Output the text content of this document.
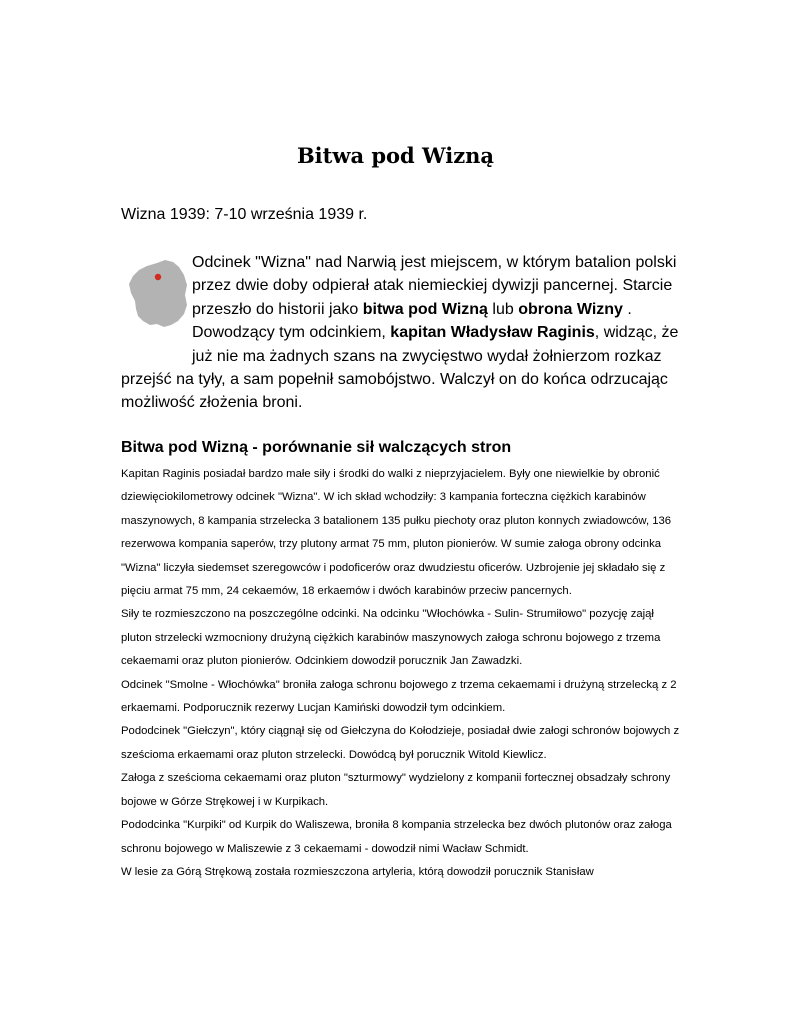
Bitwa pod Wizną
Wizna 1939: 7-10 września 1939 r.

Odcinek "Wizna" nad Narwią jest miejscem, w którym batalion polski przez dwie doby odpierał atak niemieckiej dywizji pancernej. Starcie przeszło do historii jako bitwa pod Wizną lub obrona Wizny . Dowodzący tym odcinkiem, kapitan Władysław Raginis, widząc, że już nie ma żadnych szans na zwycięstwo wydał żołnierzom rozkaz przejść na tyły, a sam popełnił samobójstwo. Walczył on do końca odrzucając możliwość złożenia broni.

Bitwa pod Wizną - porównanie sił walczących stron

Kapitan Raginis posiadał bardzo małe siły i środki do walki z nieprzyjacielem. Były one niewielkie by obronić dziewięciokilometrowy odcinek "Wizna". W ich skład wchodziły: 3 kampania forteczna ciężkich karabinów maszynowych, 8 kampania strzelecka 3 batalionem 135 pułku piechoty oraz pluton konnych zwiadowców, 136 rezerwowa kompania saperów, trzy plutony armat 75 mm, pluton pionierów. W sumie załoga obrony odcinka "Wizna" liczyła siedemset szeregowców i podoficerów oraz dwudziestu oficerów. Uzbrojenie jej składało się z pięciu armat 75 mm, 24 cekaemów, 18 erkaemów i dwóch karabinów przeciw pancernych.

Siły te rozmieszczono na poszczególne odcinki. Na odcinku "Włochówka - Sulin- Strumiłowo" pozycję zajął pluton strzelecki wzmocniony drużyną ciężkich karabinów maszynowych załoga schronu bojowego z trzema cekaemami oraz pluton pionierów. Odcinkiem dowodził porucznik Jan Zawadzki.

Odcinek "Smolne - Włochówka" broniła załoga schronu bojowego z trzema cekaemami i drużyną strzelecką z 2 erkaemami. Podporucznik rezerwy Lucjan Kamiński dowodził tym odcinkiem.

Pododcinek "Giełczyn", który ciągnął się od Giełczyna do Kołodzieje, posiadał dwie załogi schronów bojowych z sześcioma erkaemami oraz pluton strzelecki. Dowódcą był porucznik Witold Kiewlicz.

Załoga z sześcioma cekaemami oraz pluton "szturmowy" wydzielony z kompanii fortecznej obsadzały schrony bojowe w Górze Strękowej i w Kurpikach.

Pododcinka "Kurpiki" od Kurpik do Waliszewa, broniła 8 kompania strzelecka bez dwóch plutonów oraz załoga schronu bojowego w Maliszewie z 3 cekaemami - dowodził nimi Wacław Schmidt.

W lesie za Górą Strękową została rozmieszczona artyleria, którą dowodził porucznik Stanisław
